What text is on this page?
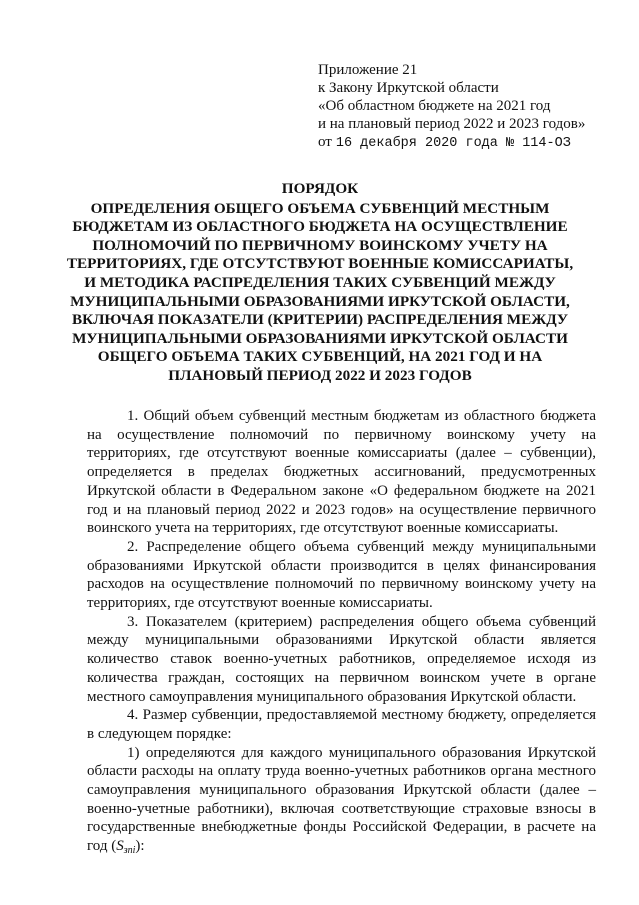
Приложение 21
к Закону Иркутской области
«Об областном бюджете на 2021 год
и на плановый период 2022 и 2023 годов»
от 16 декабря 2020 года № 114-ОЗ
ПОРЯДОК
ОПРЕДЕЛЕНИЯ ОБЩЕГО ОБЪЕМА СУБВЕНЦИЙ МЕСТНЫМ БЮДЖЕТАМ ИЗ ОБЛАСТНОГО БЮДЖЕТА НА ОСУЩЕСТВЛЕНИЕ ПОЛНОМОЧИЙ ПО ПЕРВИЧНОМУ ВОИНСКОМУ УЧЕТУ НА ТЕРРИТОРИЯХ, ГДЕ ОТСУТСТВУЮТ ВОЕННЫЕ КОМИССАРИАТЫ, И МЕТОДИКА РАСПРЕДЕЛЕНИЯ ТАКИХ СУБВЕНЦИЙ МЕЖДУ МУНИЦИПАЛЬНЫМИ ОБРАЗОВАНИЯМИ ИРКУТСКОЙ ОБЛАСТИ, ВКЛЮЧАЯ ПОКАЗАТЕЛИ (КРИТЕРИИ) РАСПРЕДЕЛЕНИЯ МЕЖДУ МУНИЦИПАЛЬНЫМИ ОБРАЗОВАНИЯМИ ИРКУТСКОЙ ОБЛАСТИ ОБЩЕГО ОБЪЕМА ТАКИХ СУБВЕНЦИЙ, НА 2021 ГОД И НА ПЛАНОВЫЙ ПЕРИОД 2022 И 2023 ГОДОВ

1. Общий объем субвенций местным бюджетам из областного бюджета на осуществление полномочий по первичному воинскому учету на территориях, где отсутствуют военные комиссариаты (далее – субвенции), определяется в пределах бюджетных ассигнований, предусмотренных Иркутской области в Федеральном законе «О федеральном бюджете на 2021 год и на плановый период 2022 и 2023 годов» на осуществление первичного воинского учета на территориях, где отсутствуют военные комиссариаты.

2. Распределение общего объема субвенций между муниципальными образованиями Иркутской области производится в целях финансирования расходов на осуществление полномочий по первичному воинскому учету на территориях, где отсутствуют военные комиссариаты.

3. Показателем (критерием) распределения общего объема субвенций между муниципальными образованиями Иркутской области является количество ставок военно-учетных работников, определяемое исходя из количества граждан, состоящих на первичном воинском учете в органе местного самоуправления муниципального образования Иркутской области.

4. Размер субвенции, предоставляемой местному бюджету, определяется в следующем порядке:

1) определяются для каждого муниципального образования Иркутской области расходы на оплату труда военно-учетных работников органа местного самоуправления муниципального образования Иркутской области (далее – военно-учетные работники), включая соответствующие страховые взносы в государственные внебюджетные фонды Российской Федерации, в расчете на год $(S_{зпi})$:
